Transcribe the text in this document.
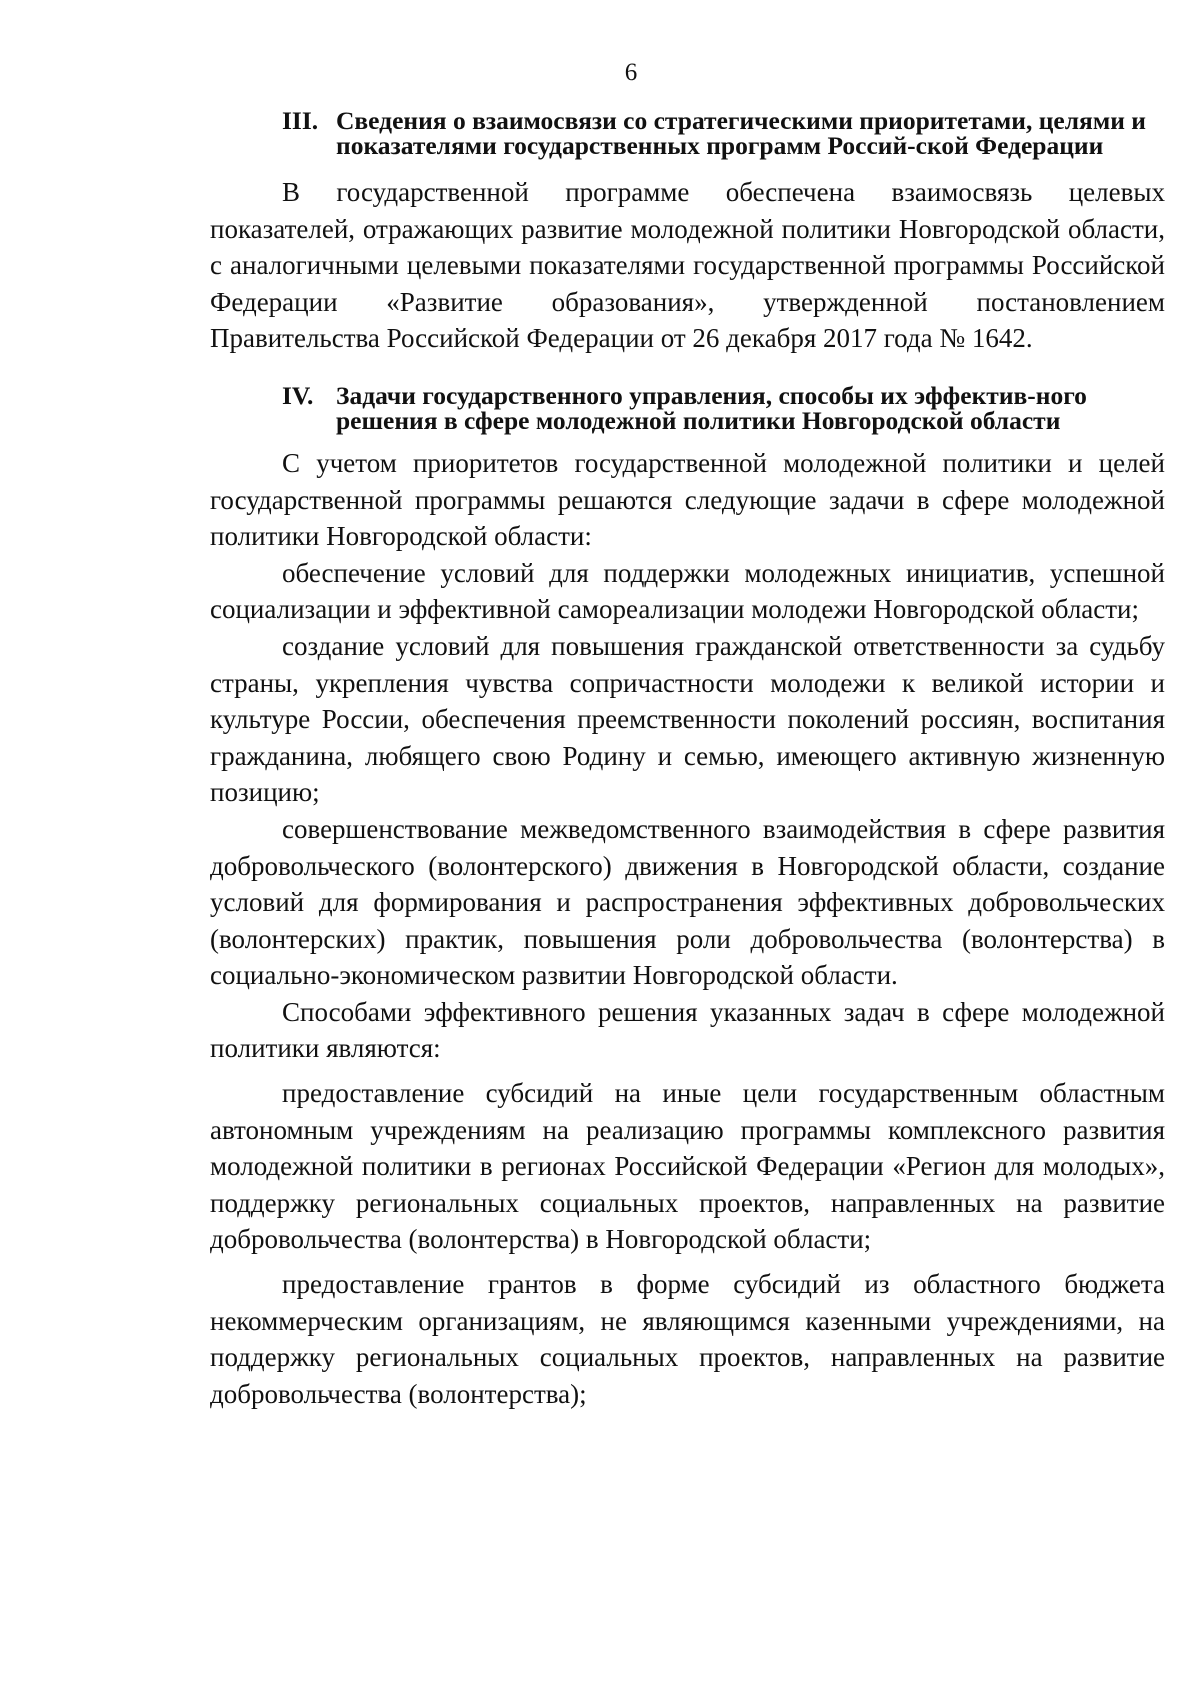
6
III. Сведения о взаимосвязи со стратегическими приоритетами, целями и показателями государственных программ Россий-ской Федерации

В государственной программе обеспечена взаимосвязь целевых показателей, отражающих развитие молодежной политики Новгородской области, с аналогичными целевыми показателями государственной программы Российской Федерации «Развитие образования», утвержденной постановлением Правительства Российской Федерации от 26 декабря 2017 года № 1642.

IV. Задачи государственного управления, способы их эффектив-ного решения в сфере молодежной политики Новгородской области

С учетом приоритетов государственной молодежной политики и целей государственной программы решаются следующие задачи в сфере молодежной политики Новгородской области:

обеспечение условий для поддержки молодежных инициатив, успешной социализации и эффективной самореализации молодежи Новгородской области;

создание условий для повышения гражданской ответственности за судьбу страны, укрепления чувства сопричастности молодежи к великой истории и культуре России, обеспечения преемственности поколений россиян, воспитания гражданина, любящего свою Родину и семью, имеющего активную жизненную позицию;

совершенствование межведомственного взаимодействия в сфере развития добровольческого (волонтерского) движения в Новгородской области, создание условий для формирования и распространения эффективных добровольческих (волонтерских) практик, повышения роли добровольчества (волонтерства) в социально-экономическом развитии Новгородской области.

Способами эффективного решения указанных задач в сфере молодежной политики являются:

предоставление субсидий на иные цели государственным областным автономным учреждениям на реализацию программы комплексного развития молодежной политики в регионах Российской Федерации «Регион для молодых», поддержку региональных социальных проектов, направленных на развитие добровольчества (волонтерства) в Новгородской области;

предоставление грантов в форме субсидий из областного бюджета некоммерческим организациям, не являющимся казенными учреждениями, на поддержку региональных социальных проектов, направленных на развитие добровольчества (волонтерства);
